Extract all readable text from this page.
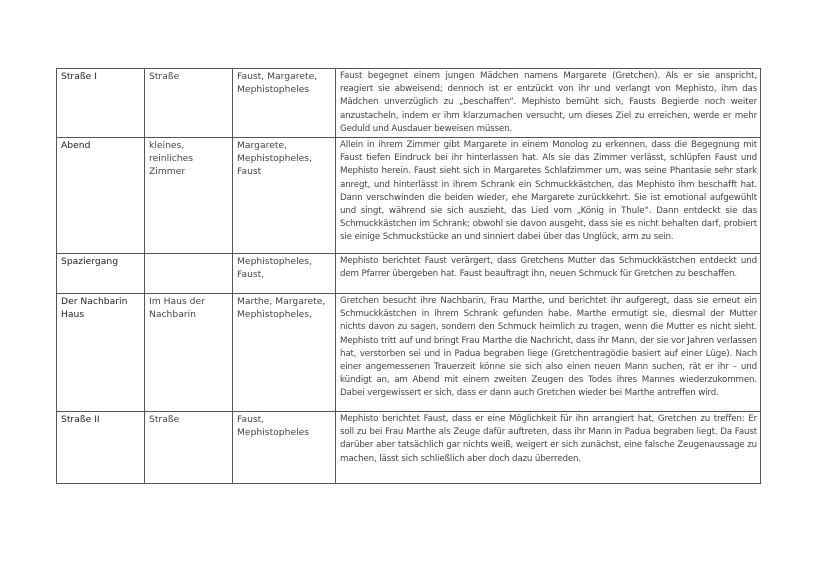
Straße I	Straße	Faust, Margarete, Mephistopheles	Faust begegnet einem jungen Mädchen namens Margarete (Gretchen). Als er sie anspricht, reagiert sie abweisend; dennoch ist er entzückt von ihr und verlangt von Mephisto, ihm das Mädchen unverzüglich zu „beschaffen“. Mephisto bemüht sich, Fausts Begierde noch weiter anzustacheln, indem er ihm klarzumachen versucht, um dieses Ziel zu erreichen, werde er mehr Geduld und Ausdauer beweisen müssen.
Abend	kleines, reinliches Zimmer	Margarete, Mephistopheles, Faust	Allein in ihrem Zimmer gibt Margarete in einem Monolog zu erkennen, dass die Begegnung mit Faust tiefen Eindruck bei ihr hinterlassen hat. Als sie das Zimmer verlässt, schlüpfen Faust und Mephisto herein. Faust sieht sich in Margaretes Schlafzimmer um, was seine Phantasie sehr stark anregt, und hinterlässt in ihrem Schrank ein Schmuckkästchen, das Mephisto ihm beschafft hat. Dann verschwinden die beiden wieder, ehe Margarete zurückkehrt. Sie ist emotional aufgewühlt und singt, während sie sich auszieht, das Lied vom „König in Thule“. Dann entdeckt sie das Schmuckkästchen im Schrank; obwohl sie davon ausgeht, dass sie es nicht behalten darf, probiert sie einige Schmuckstücke an und sinniert dabei über das Unglück, arm zu sein.
Spaziergang		Mephistopheles, Faust,	Mephisto berichtet Faust verärgert, dass Gretchens Mutter das Schmuckkästchen entdeckt und dem Pfarrer übergeben hat. Faust beauftragt ihn, neuen Schmuck für Gretchen zu beschaffen.
Der Nachbarin Haus	Im Haus der Nachbarin	Marthe, Margarete, Mephistopheles,	Gretchen besucht ihre Nachbarin, Frau Marthe, und berichtet ihr aufgeregt, dass sie erneut ein Schmuckkästchen in ihrem Schrank gefunden habe. Marthe ermutigt sie, diesmal der Mutter nichts davon zu sagen, sondern den Schmuck heimlich zu tragen, wenn die Mutter es nicht sieht. Mephisto tritt auf und bringt Frau Marthe die Nachricht, dass ihr Mann, der sie vor Jahren verlassen hat, verstorben sei und in Padua begraben liege (Gretchentragödie basiert auf einer Lüge). Nach einer angemessenen Trauerzeit könne sie sich also einen neuen Mann suchen, rät er ihr – und kündigt an, am Abend mit einem zweiten Zeugen des Todes ihres Mannes wiederzukommen. Dabei vergewissert er sich, dass er dann auch Gretchen wieder bei Marthe antreffen wird.
Straße II	Straße	Faust, Mephistopheles	Mephisto berichtet Faust, dass er eine Möglichkeit für ihn arrangiert hat, Gretchen zu treffen: Er soll zu bei Frau Marthe als Zeuge dafür auftreten, dass ihr Mann in Padua begraben liegt. Da Faust darüber aber tatsächlich gar nichts weiß, weigert er sich zunächst, eine falsche Zeugenaussage zu machen, lässt sich schließlich aber doch dazu überreden.
